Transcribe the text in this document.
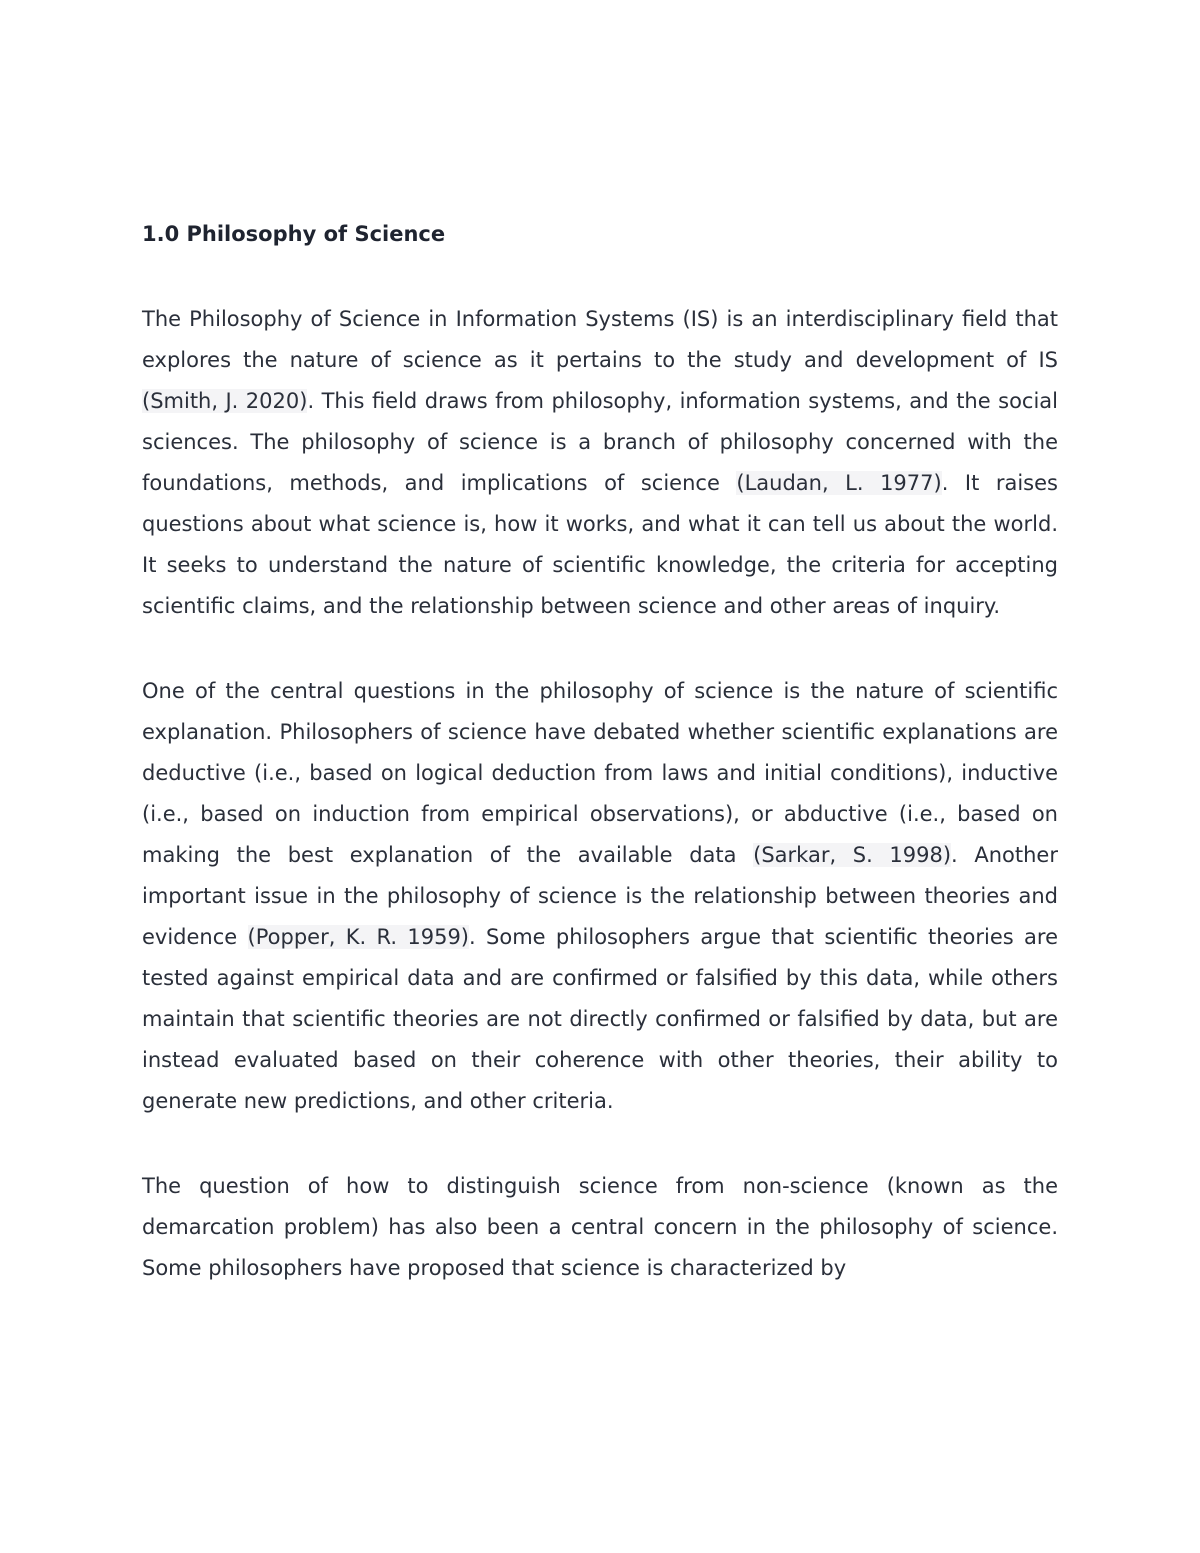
1.0 Philosophy of Science

The Philosophy of Science in Information Systems (IS) is an interdisciplinary field that explores the nature of science as it pertains to the study and development of IS (Smith, J. 2020). This field draws from philosophy, information systems, and the social sciences. The philosophy of science is a branch of philosophy concerned with the foundations, methods, and implications of science (Laudan, L. 1977). It raises questions about what science is, how it works, and what it can tell us about the world. It seeks to understand the nature of scientific knowledge, the criteria for accepting scientific claims, and the relationship between science and other areas of inquiry.

One of the central questions in the philosophy of science is the nature of scientific explanation. Philosophers of science have debated whether scientific explanations are deductive (i.e., based on logical deduction from laws and initial conditions), inductive (i.e., based on induction from empirical observations), or abductive (i.e., based on making the best explanation of the available data (Sarkar, S. 1998). Another important issue in the philosophy of science is the relationship between theories and evidence (Popper, K. R. 1959). Some philosophers argue that scientific theories are tested against empirical data and are confirmed or falsified by this data, while others maintain that scientific theories are not directly confirmed or falsified by data, but are instead evaluated based on their coherence with other theories, their ability to generate new predictions, and other criteria.

The question of how to distinguish science from non-science (known as the demarcation problem) has also been a central concern in the philosophy of science. Some philosophers have proposed that science is characterized by
